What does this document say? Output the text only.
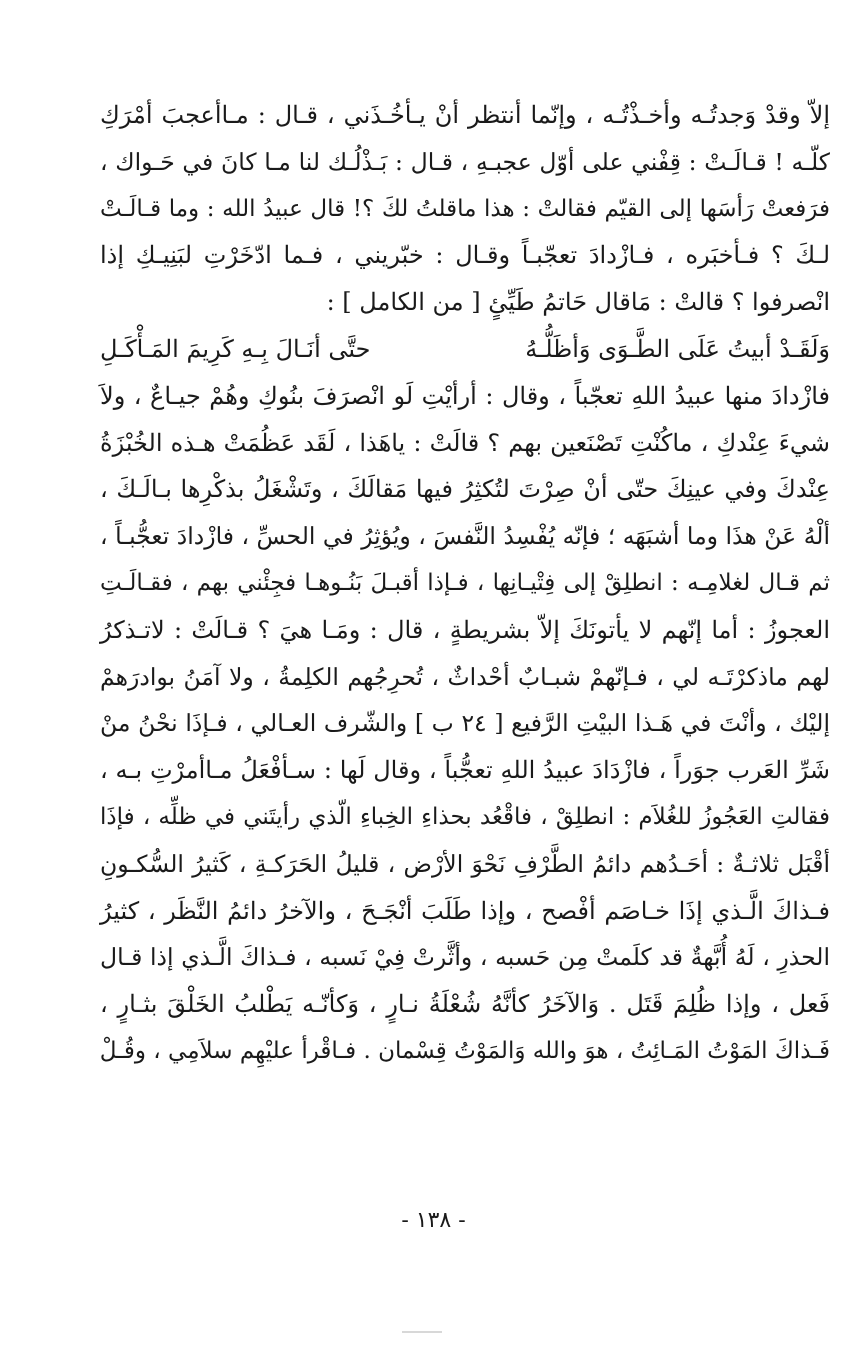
إلاّ وقدْ وَجدتُـه وأخـذْتُـه ، وإنّما أنتظر أنْ يـأخُـذَني ، قـال : مـاأعجبَ أمْرَكِ
كلّـه ! قـالَـتْ : قِفْني على أوّل عجبـهِ ، قـال : بَـذْلُـك لنا مـا كانَ في حَـواك ،
فرَفعتْ رَأسَها إلى القيّم فقالتْ : هذا ماقلتُ لكَ ؟! قال عبيدُ الله : وما قـالَـتْ
لـكَ ؟ فـأخبَره ، فـازْدادَ تعجّبـاً وقـال : خبّريني ، فـما ادّخَرْتِ لبَنِيـكِ إذا
انْصرفوا ؟ قالتْ : مَاقال حَاتمُ طَيِّئٍ [ من الكامل ] :
وَلَقَـدْ أبيتُ عَلَى الطَّـوَى وَأظَلُّـهُ
حتَّى أنَـالَ بِـهِ كَرِيمَ المَـأْكَـلِ
فازْدادَ منها عبيدُ اللهِ تعجّباً ، وقال : أرأيْتِ لَو انْصرَفَ بنُوكِ وهُمْ جيـاعٌ ، ولاَ
شيءَ عِنْدكِ ، ماكُنْتِ تَصْنَعين بهم ؟ قالَتْ : ياهَذا ، لَقَد عَظُمَتْ هـذه الخُبْزَةُ
عِنْدكَ وفي عينِكَ حتّى أنْ صِرْتَ لتُكثِرُ فيها مَقالَكَ ، وتَشْغَلُ بذكْرِها بـالَـكَ ،
ألْهُ عَنْ هذَا وما أشبَهَه ؛ فإنّه يُفْسِدُ النَّفسَ ، ويُؤثِرُ في الحسِّ ، فازْدادَ تعجُّبـاً ،
ثم قـال لغلامِـه : انطلِقْ إلى فِتْيـانِها ، فـإذا أقبـلَ بَنُـوهـا فجِئْني بهم ، فقـالَـتِ
العجوزُ : أما إنّهم لا يأتونَكَ إلاّ بشريطةٍ ، قال : ومَـا هيَ ؟ قـالَتْ : لاتـذكرُ
لهم ماذكرْتَـه لي ، فـإنّهمْ شبـابٌ أحْداثٌ ، تُحرِجُهم الكلِمةُ ، ولا آمَنُ بوادرَهمْ
إليْك ، وأنْتَ في هَـذا البيْتِ الرَّفيع [ ٢٤ ب ] والشّرف العـالي ، فـإذَا نحْنُ منْ
شَرِّ العَرب جوَراً ، فازْدَادَ عبيدُ اللهِ تعجُّباً ، وقال لَها : سـأفْعَلُ مـاأمرْتِ بـه ،
فقالتِ العَجُوزُ للغُلاَم : انطلِقْ ، فاقْعُد بحذاءِ الخِباءِ الّذي رأيتَني في ظلِّه ، فإذَا
أقْبَل ثلاثـةٌ : أحَـدُهم دائمُ الطَّرْفِ نَحْوَ الأرْض ، قليلُ الحَرَكـةِ ، كَثيرُ السُّكـونِ
فـذاكَ الَّـذي إذَا خـاصَم أفْصح ، وإذا طَلَبَ أنْجَـحَ ، والآخرُ دائمُ النَّظَر ، كثيرُ
الحذرِ ، لَهُ أُبَّهةٌ قد كلَمتْ مِن حَسبه ، وأثَّرتْ فِيْ نَسبه ، فـذاكَ الَّـذي إذا قـال
فَعل ، وإذا ظُلِمَ قَتَل . وَالآخَرُ كأنَّهُ شُعْلَةُ نـارٍ ، وَكأنّـه يَطْلبُ الخَلْقَ بثـارٍ ،
فَـذاكَ المَوْتُ المَـائِتُ ، هوَ والله وَالمَوْتُ قِسْمان . فـاقْرأ عليْهِم سلاَمِي ، وقُـلْ
- ١٣٨ -
